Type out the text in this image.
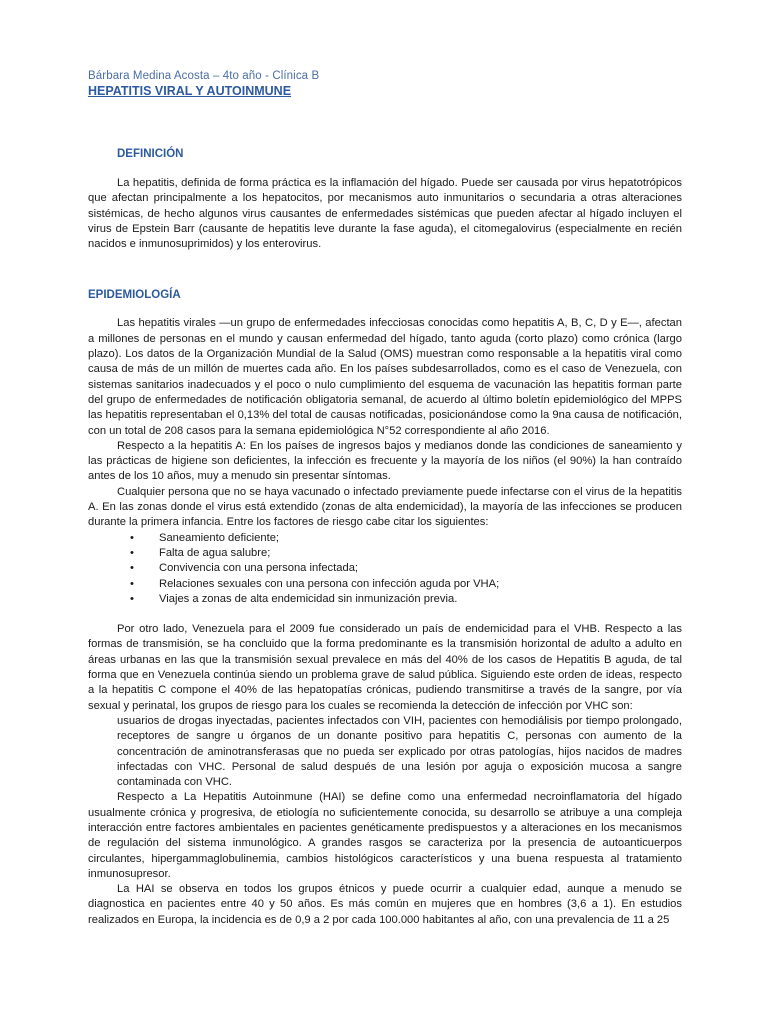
Bárbara Medina Acosta – 4to año - Clínica B
HEPATITIS VIRAL Y AUTOINMUNE
DEFINICIÓN

La hepatitis, definida de forma práctica es la inflamación del hígado. Puede ser causada por virus hepatotrópicos que afectan principalmente a los hepatocitos, por mecanismos auto inmunitarios o secundaria a otras alteraciones sistémicas, de hecho algunos virus causantes de enfermedades sistémicas que pueden afectar al hígado incluyen el virus de Epstein Barr (causante de hepatitis leve durante la fase aguda), el citomegalovirus (especialmente en recién nacidos e inmunosuprimidos) y los enterovirus.

EPIDEMIOLOGÍA

Las hepatitis virales —un grupo de enfermedades infecciosas conocidas como hepatitis A, B, C, D y E—, afectan a millones de personas en el mundo y causan enfermedad del hígado, tanto aguda (corto plazo) como crónica (largo plazo). Los datos de la Organización Mundial de la Salud (OMS) muestran como responsable a la hepatitis viral como causa de más de un millón de muertes cada año. En los países subdesarrollados, como es el caso de Venezuela, con sistemas sanitarios inadecuados y el poco o nulo cumplimiento del esquema de vacunación las hepatitis forman parte del grupo de enfermedades de notificación obligatoria semanal, de acuerdo al último boletín epidemiológico del MPPS las hepatitis representaban el 0,13% del total de causas notificadas, posicionándose como la 9na causa de notificación, con un total de 208 casos para la semana epidemiológica N°52 correspondiente al año 2016.

Respecto a la hepatitis A: En los países de ingresos bajos y medianos donde las condiciones de saneamiento y las prácticas de higiene son deficientes, la infección es frecuente y la mayoría de los niños (el 90%) la han contraído antes de los 10 años, muy a menudo sin presentar síntomas.

Cualquier persona que no se haya vacunado o infectado previamente puede infectarse con el virus de la hepatitis A. En las zonas donde el virus está extendido (zonas de alta endemicidad), la mayoría de las infecciones se producen durante la primera infancia. Entre los factores de riesgo cabe citar los siguientes:

• Saneamiento deficiente;
• Falta de agua salubre;
• Convivencia con una persona infectada;
• Relaciones sexuales con una persona con infección aguda por VHA;
• Viajes a zonas de alta endemicidad sin inmunización previa.

Por otro lado, Venezuela para el 2009 fue considerado un país de endemicidad para el VHB. Respecto a las formas de transmisión, se ha concluido que la forma predominante es la transmisión horizontal de adulto a adulto en áreas urbanas en las que la transmisión sexual prevalece en más del 40% de los casos de Hepatitis B aguda, de tal forma que en Venezuela continúa siendo un problema grave de salud pública. Siguiendo este orden de ideas, respecto a la hepatitis C compone el 40% de las hepatopatías crónicas, pudiendo transmitirse a través de la sangre, por vía sexual y perinatal, los grupos de riesgo para los cuales se recomienda la detección de infección por VHC son:

usuarios de drogas inyectadas, pacientes infectados con VIH, pacientes con hemodiálisis por tiempo prolongado, receptores de sangre u órganos de un donante positivo para hepatitis C, personas con aumento de la concentración de aminotransferasas que no pueda ser explicado por otras patologías, hijos nacidos de madres infectadas con VHC. Personal de salud después de una lesión por aguja o exposición mucosa a sangre contaminada con VHC.

Respecto a La Hepatitis Autoinmune (HAI) se define como una enfermedad necroinflamatoria del hígado usualmente crónica y progresiva, de etiología no suficientemente conocida, su desarrollo se atribuye a una compleja interacción entre factores ambientales en pacientes genéticamente predispuestos y a alteraciones en los mecanismos de regulación del sistema inmunológico. A grandes rasgos se caracteriza por la presencia de autoanticuerpos circulantes, hipergammaglobulinemia, cambios histológicos característicos y una buena respuesta al tratamiento inmunosupresor.

La HAI se observa en todos los grupos étnicos y puede ocurrir a cualquier edad, aunque a menudo se diagnostica en pacientes entre 40 y 50 años. Es más común en mujeres que en hombres (3,6 a 1). En estudios realizados en Europa, la incidencia es de 0,9 a 2 por cada 100.000 habitantes al año, con una prevalencia de 11 a 25
